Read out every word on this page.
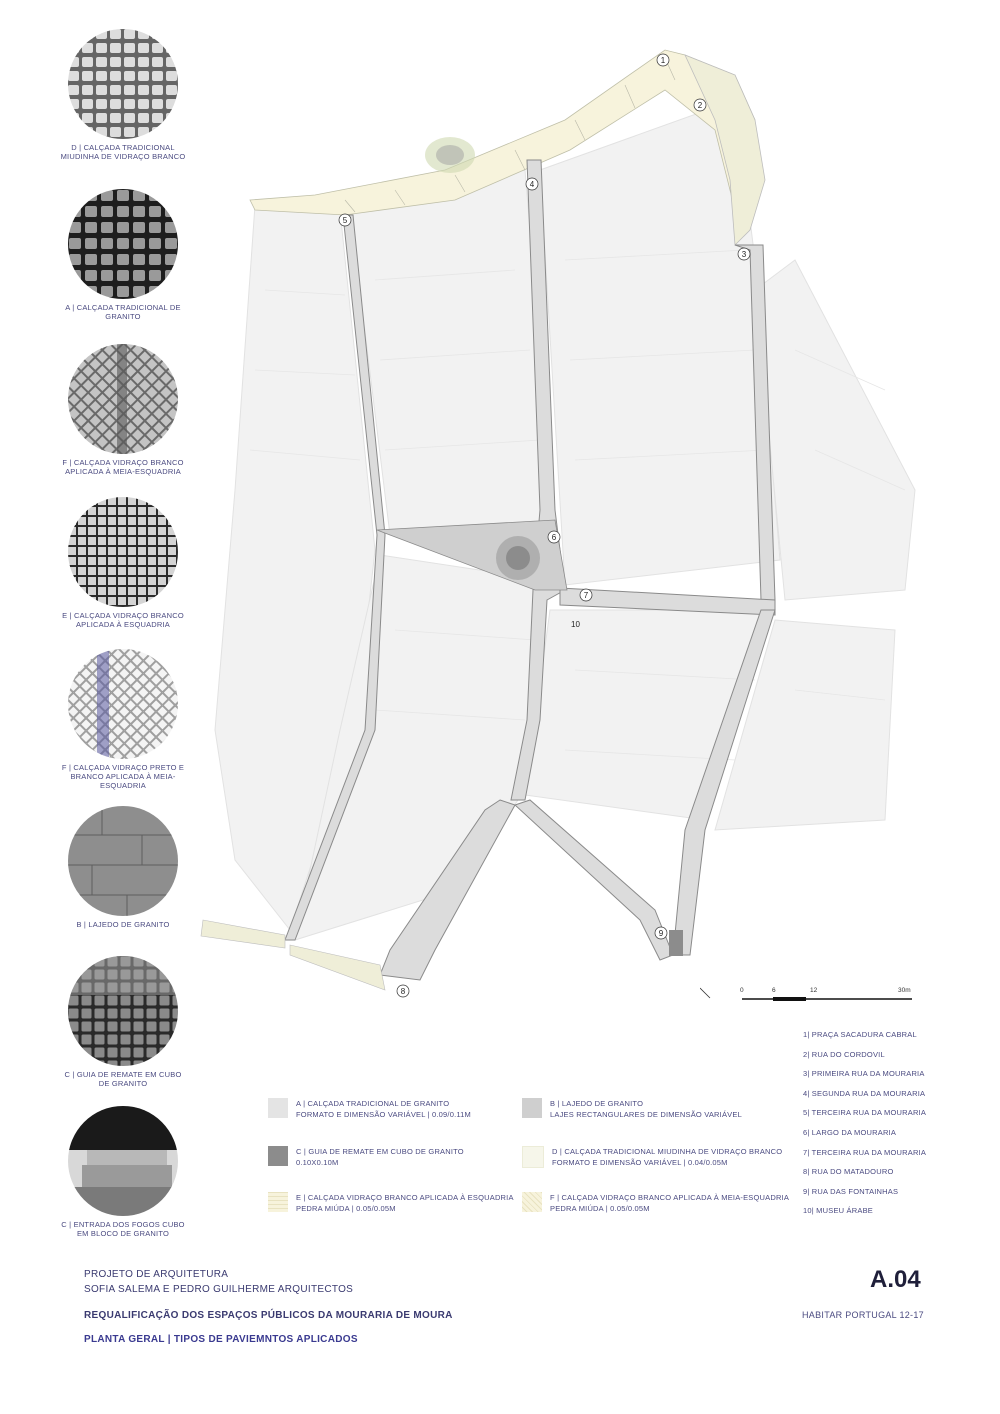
D | CALÇADA TRADICIONAL MIUDINHA DE VIDRAÇO BRANCO
A | CALÇADA TRADICIONAL DE GRANITO
F | CALÇADA VIDRAÇO BRANCO APLICADA À MEIA-ESQUADRIA
E | CALÇADA VIDRAÇO BRANCO APLICADA À ESQUADRIA
F | CALÇADA VIDRAÇO PRETO E BRANCO APLICADA À MEIA-ESQUADRIA
B | LAJEDO DE GRANITO
C | GUIA DE REMATE EM CUBO DE GRANITO
C | ENTRADA DOS FOGOS CUBO EM BLOCO DE GRANITO
1
2
3
4
5
6
7
8
9
10
0	6	12	30m
A | CALÇADA TRADICIONAL DE GRANITO
FORMATO E DIMENSÃO VARIÁVEL | 0.09/0.11M
B | LAJEDO DE GRANITO
LAJES RECTANGULARES DE DIMENSÃO VARIÁVEL
C | GUIA DE REMATE EM CUBO DE GRANITO
0.10X0.10M
D | CALÇADA TRADICIONAL MIUDINHA DE VIDRAÇO BRANCO
FORMATO E DIMENSÃO VARIÁVEL | 0.04/0.05M
E | CALÇADA VIDRAÇO BRANCO APLICADA À ESQUADRIA
PEDRA MIÚDA | 0.05/0.05M
F | CALÇADA VIDRAÇO BRANCO APLICADA À MEIA-ESQUADRIA
PEDRA MIÚDA | 0.05/0.05M
1| PRAÇA SACADURA CABRAL
2| RUA DO CORDOVIL
3| PRIMEIRA RUA DA MOURARIA
4| SEGUNDA RUA DA MOURARIA
5| TERCEIRA RUA DA MOURARIA
6| LARGO DA MOURARIA
7| TERCEIRA RUA DA MOURARIA
8| RUA DO MATADOURO
9| RUA DAS FONTAINHAS
10| MUSEU ÁRABE
PROJETO DE ARQUITETURA
SOFIA SALEMA E PEDRO GUILHERME ARQUITECTOS
REQUALIFICAÇÃO DOS ESPAÇOS PÚBLICOS DA MOURARIA DE MOURA
PLANTA GERAL | TIPOS DE PAVIEMNTOS APLICADOS
A.04
HABITAR PORTUGAL 12-17
